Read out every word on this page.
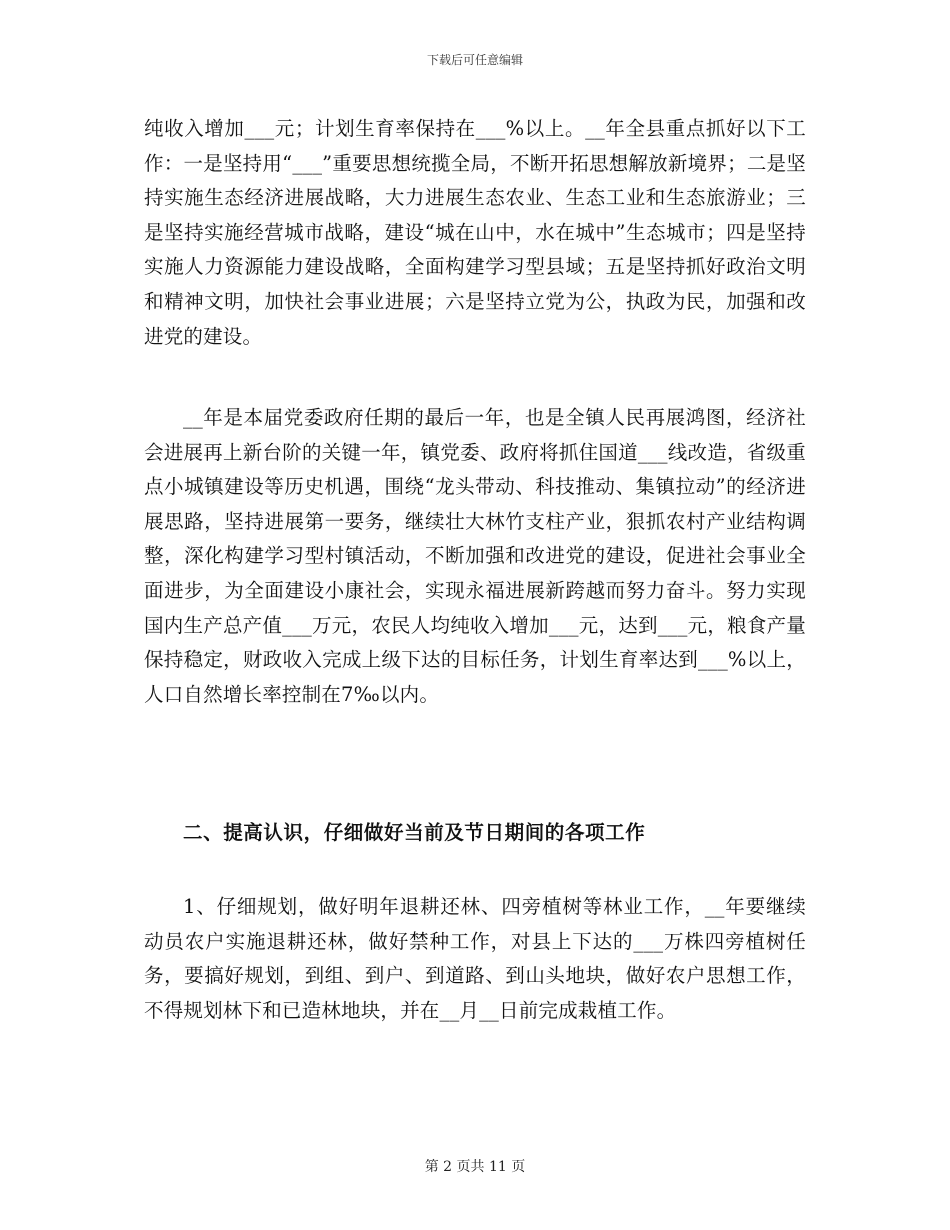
下载后可任意编辑

纯收入增加___元；计划生育率保持在___%以上。__年全县重点抓好以下工作：一是坚持用“___”重要思想统揽全局，不断开拓思想解放新境界；二是坚持实施生态经济进展战略，大力进展生态农业、生态工业和生态旅游业；三是坚持实施经营城市战略，建设“城在山中，水在城中”生态城市；四是坚持实施人力资源能力建设战略，全面构建学习型县域；五是坚持抓好政治文明和精神文明，加快社会事业进展；六是坚持立党为公，执政为民，加强和改进党的建设。

__年是本届党委政府任期的最后一年，也是全镇人民再展鸿图，经济社会进展再上新台阶的关键一年，镇党委、政府将抓住国道___线改造，省级重点小城镇建设等历史机遇，围绕“龙头带动、科技推动、集镇拉动”的经济进展思路，坚持进展第一要务，继续壮大林竹支柱产业，狠抓农村产业结构调整，深化构建学习型村镇活动，不断加强和改进党的建设，促进社会事业全面进步，为全面建设小康社会，实现永福进展新跨越而努力奋斗。努力实现国内生产总产值___万元，农民人均纯收入增加___元，达到___元，粮食产量保持稳定，财政收入完成上级下达的目标任务，计划生育率达到___%以上，人口自然增长率控制在7‰以内。

二、提高认识，仔细做好当前及节日期间的各项工作

1、仔细规划，做好明年退耕还林、四旁植树等林业工作，__年要继续动员农户实施退耕还林，做好禁种工作，对县上下达的___万株四旁植树任务，要搞好规划，到组、到户、到道路、到山头地块，做好农户思想工作，不得规划林下和已造林地块，并在__月__日前完成栽植工作。

第 2 页共 11 页
